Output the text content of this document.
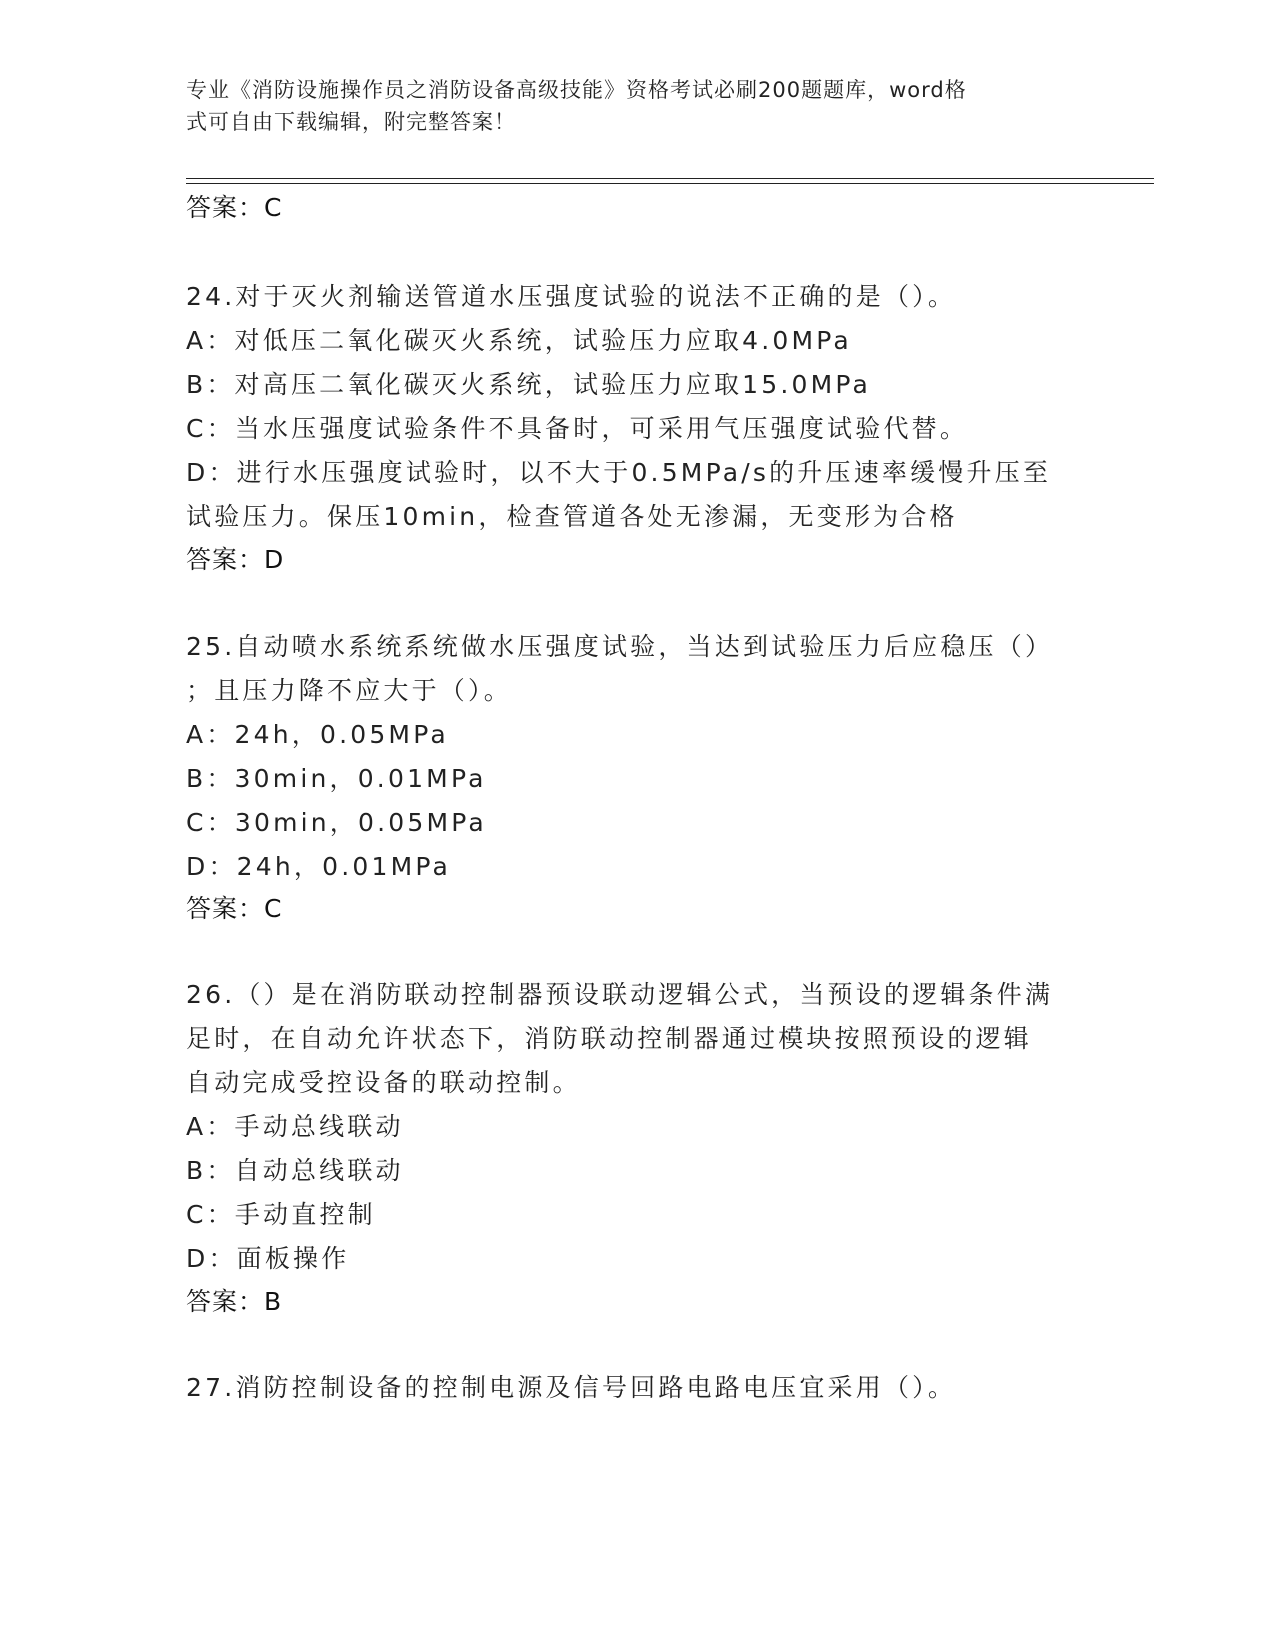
专业《消防设施操作员之消防设备高级技能》资格考试必刷200题题库，word格
式可自由下载编辑，附完整答案！
答案：C
24.对于灭火剂输送管道水压强度试验的说法不正确的是（）。
A：对低压二氧化碳灭火系统，试验压力应取4.0MPa
B：对高压二氧化碳灭火系统，试验压力应取15.0MPa
C：当水压强度试验条件不具备时，可采用气压强度试验代替。
D：进行水压强度试验时，以不大于0.5MPa/s的升压速率缓慢升压至
试验压力。保压10min，检查管道各处无渗漏，无变形为合格
答案：D
25.自动喷水系统系统做水压强度试验，当达到试验压力后应稳压（）
；且压力降不应大于（）。
A：24h，0.05MPa
B：30min，0.01MPa
C：30min，0.05MPa
D：24h，0.01MPa
答案：C
26.（）是在消防联动控制器预设联动逻辑公式，当预设的逻辑条件满
足时，在自动允许状态下，消防联动控制器通过模块按照预设的逻辑
自动完成受控设备的联动控制。
A：手动总线联动
B：自动总线联动
C：手动直控制
D：面板操作
答案：B
27.消防控制设备的控制电源及信号回路电路电压宜采用（）。
